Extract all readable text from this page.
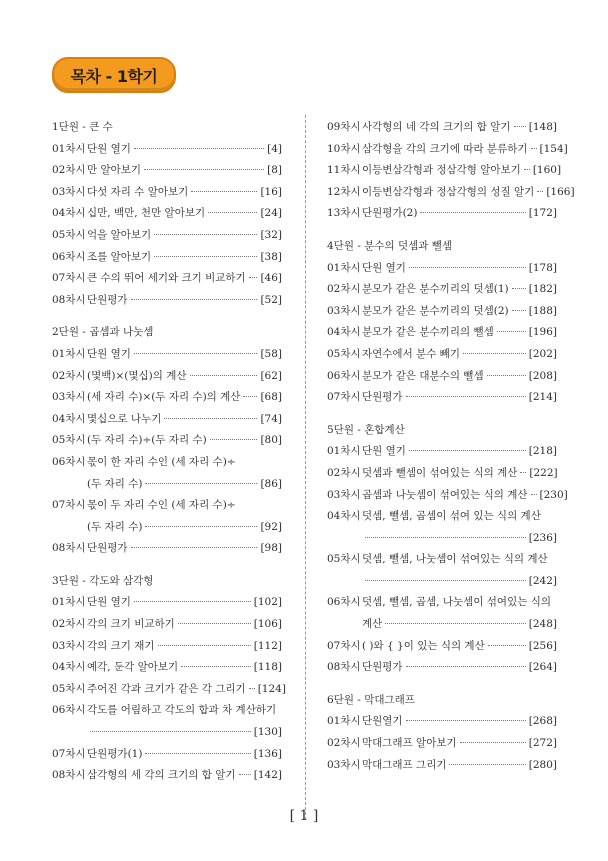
목차 - 1학기
1단원 - 큰 수
01차시 단원 열기	[4]
02차시 만 알아보기	[8]
03차시 다섯 자리 수 알아보기	[16]
04차시 십만, 백만, 천만 알아보기	[24]
05차시 억을 알아보기	[32]
06차시 조를 알아보기	[38]
07차시 큰 수의 뛰어 세기와 크기 비교하기 [46]
08차시 단원평가	[52]
2단원 - 곱셈과 나눗셈
01차시 단원 열기	[58]
02차시 (몇백)×(몇십)의 계산	[62]
03차시 (세 자리 수)×(두 자리 수)의 계산 [68]
04차시 몇십으로 나누기	[74]
05차시 (두 자리 수)÷(두 자리 수)	[80]
06차시 몫이 한 자리 수인 (세 자리 수)÷
(두 자리 수)	[86]
07차시 몫이 두 자리 수인 (세 자리 수)÷
(두 자리 수)	[92]
08차시 단원평가	[98]
3단원 - 각도와 삼각형
01차시 단원 열기	[102]
02차시 각의 크기 비교하기	[106]
03차시 각의 크기 재기	[112]
04차시 예각, 둔각 알아보기	[118]
05차시 주어진 각과 크기가 같은 각 그리기 [124]
06차시 각도를 어림하고 각도의 합과 차 계산하기
[130]
07차시 단원평가(1)	[136]
08차시 삼각형의 세 각의 크기의 합 알기 [142]
09차시 사각형의 네 각의 크기의 합 알기 [148]
10차시 삼각형을 각의 크기에 따라 분류하기 [154]
11차시 이등변삼각형과 정삼각형 알아보기 [160]
12차시 이등변삼각형과 정삼각형의 성질 알기 [166]
13차시 단원평가(2)	[172]
4단원 - 분수의 덧셈과 뺄셈
01차시 단원 열기	[178]
02차시 분모가 같은 분수끼리의 덧셈(1) [182]
03차시 분모가 같은 분수끼리의 덧셈(2) [188]
04차시 분모가 같은 분수끼리의 뺄셈	[196]
05차시 자연수에서 분수 빼기	[202]
06차시 분모가 같은 대분수의 뺄셈	[208]
07차시 단원평가	[214]
5단원 - 혼합계산
01차시 단원 열기	[218]
02차시 덧셈과 뺄셈이 섞여있는 식의 계산 [222]
03차시 곱셈과 나눗셈이 섞여있는 식의 계산 [230]
04차시 덧셈, 뺄셈, 곱셈이 섞여 있는 식의 계산
[236]
05차시 덧셈, 뺄셈, 나눗셈이 섞여있는 식의 계산
[242]
06차시 덧셈, 뺄셈, 곱셈, 나눗셈이 섞여있는 식의
계산	[248]
07차시 ( )와 { }이 있는 식의 계산	[256]
08차시 단원평가	[264]
6단원 - 막대그래프
01차시 단원열기	[268]
02차시 막대그래프 알아보기	[272]
03차시 막대그래프 그리기	[280]
[ 1 ]
